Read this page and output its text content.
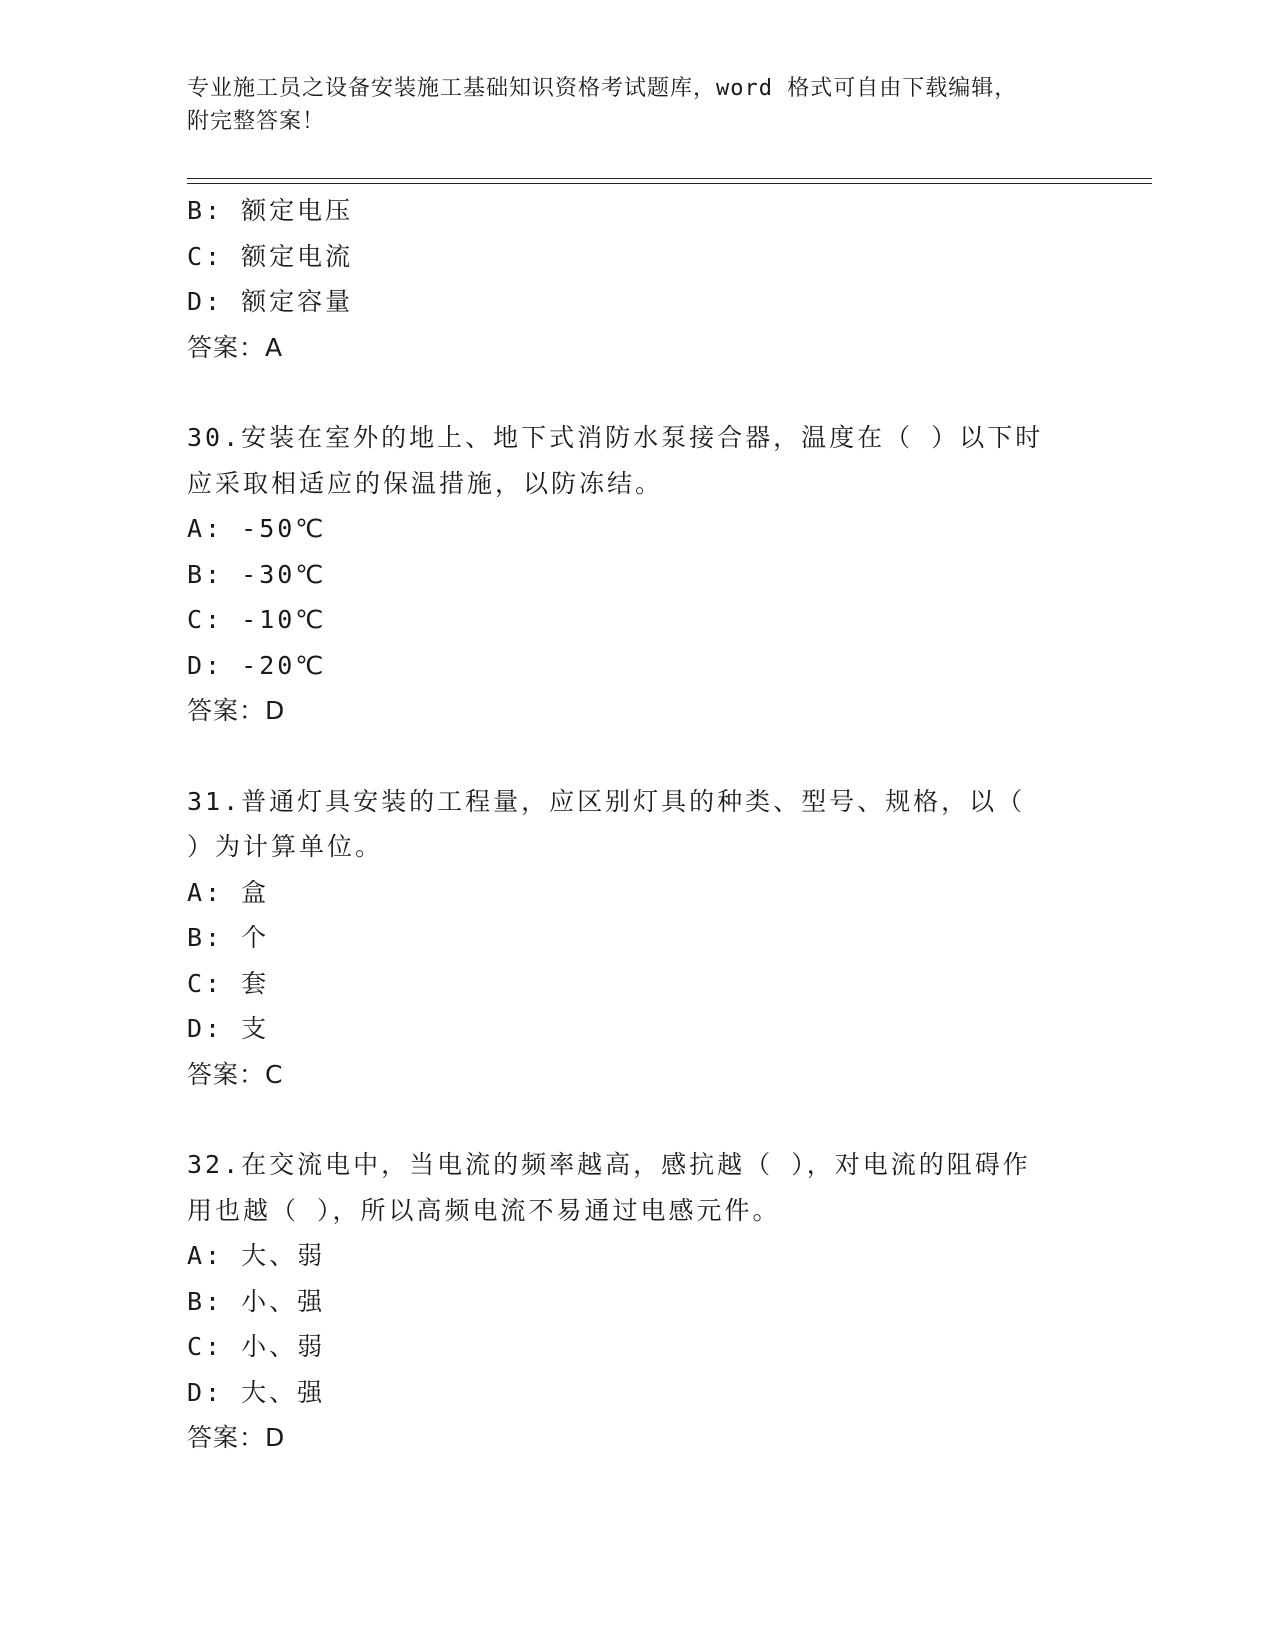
专业施工员之设备安装施工基础知识资格考试题库，word 格式可自由下载编辑，
附完整答案！
B: 额定电压
C: 额定电流
D: 额定容量
答案：A
30.安装在室外的地上、地下式消防水泵接合器，温度在（ ）以下时
应采取相适应的保温措施，以防冻结。
A: -50℃
B: -30℃
C: -10℃
D: -20℃
答案：D
31.普通灯具安装的工程量，应区别灯具的种类、型号、规格，以（
）为计算单位。
A: 盒
B: 个
C: 套
D: 支
答案：C
32.在交流电中，当电流的频率越高，感抗越（ ），对电流的阻碍作
用也越（ ），所以高频电流不易通过电感元件。
A: 大、弱
B: 小、强
C: 小、弱
D: 大、强
答案：D
